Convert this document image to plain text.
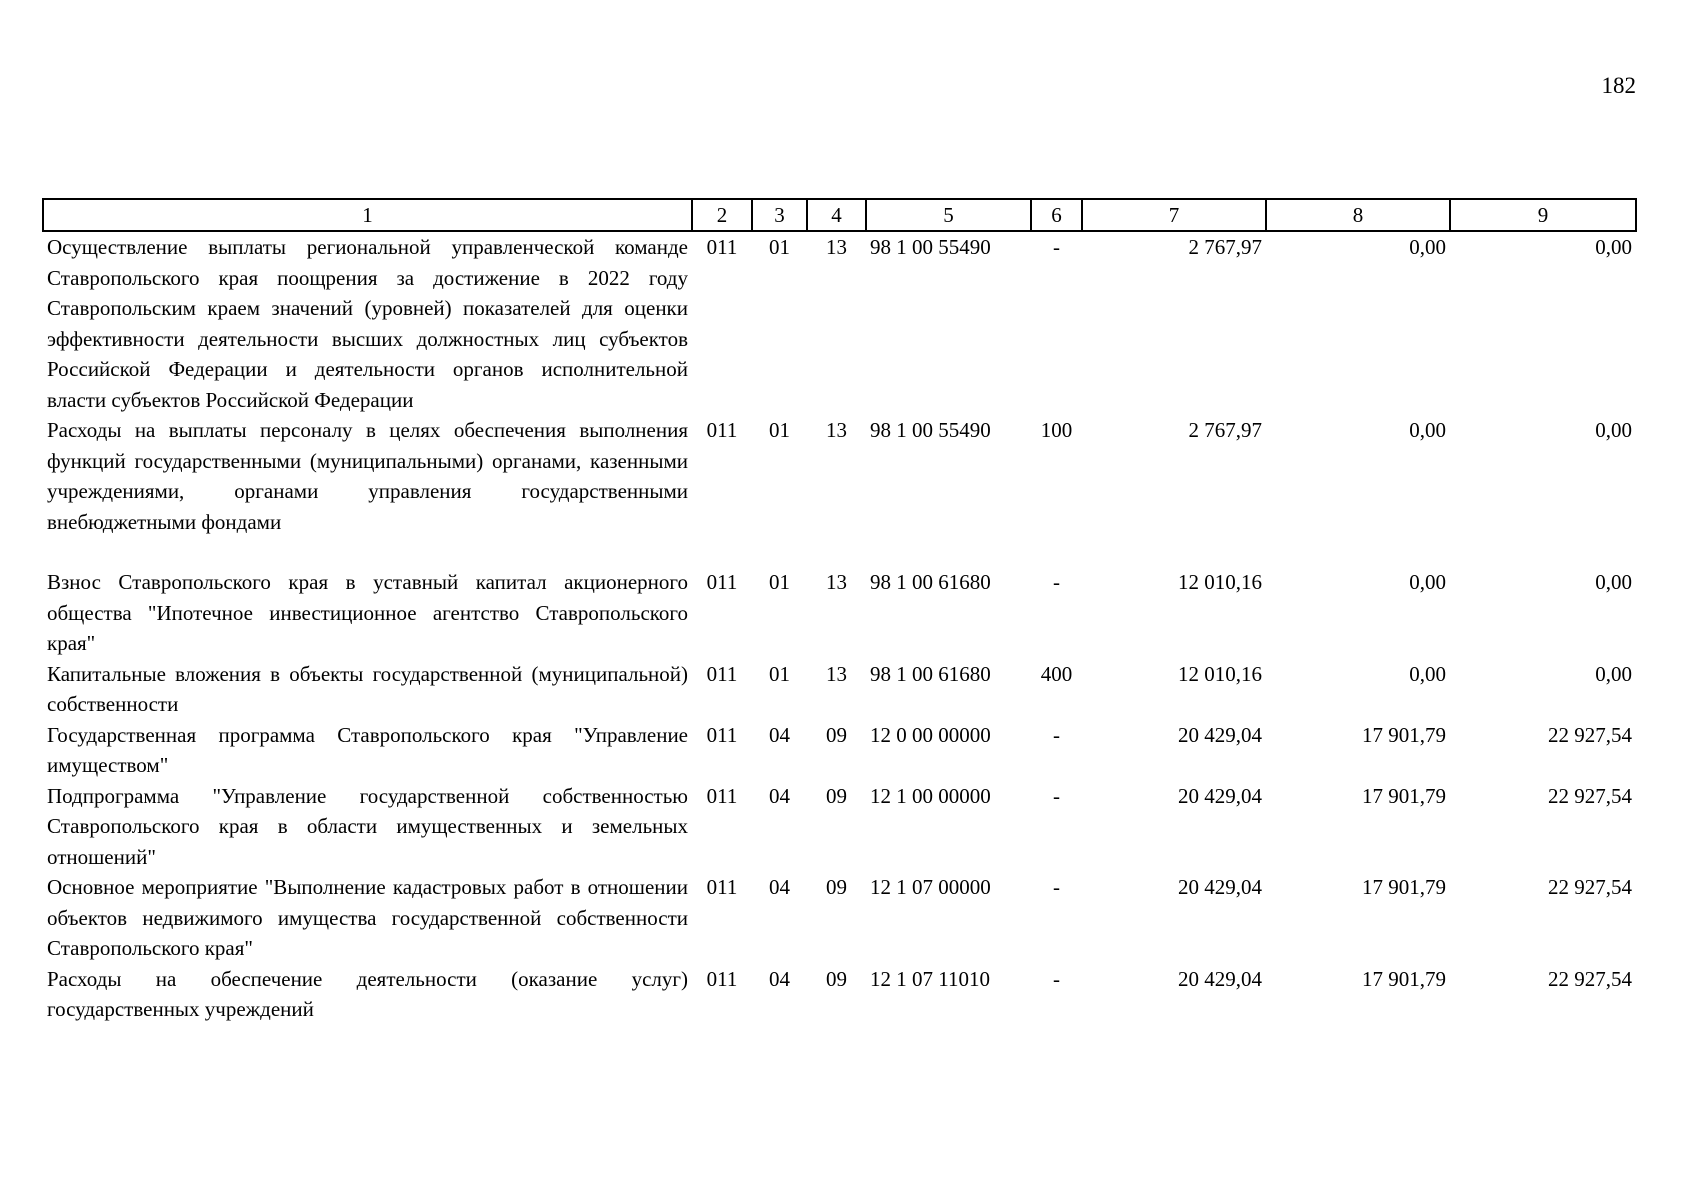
182
1	2	3	4	5	6	7	8	9
Осуществление выплаты региональной управленческой команде Ставропольского края поощрения за достижение в 2022 году Ставропольским краем значений (уровней) показателей для оценки эффективности деятельности высших должностных лиц субъектов Российской Федерации и деятельности органов исполнительной власти субъектов Российской Федерации	011	01	13	98 1 00 55490	-	2 767,97	0,00	0,00
Расходы на выплаты персоналу в целях обеспечения выполнения функций государственными (муниципальными) органами, казенными учреждениями, органами управления государственными внебюджетными фондами	011	01	13	98 1 00 55490	100	2 767,97	0,00	0,00
Взнос Ставропольского края в уставный капитал акционерного общества "Ипотечное инвестиционное агентство Ставропольского края"	011	01	13	98 1 00 61680	-	12 010,16	0,00	0,00
Капитальные вложения в объекты государственной (муниципальной) собственности	011	01	13	98 1 00 61680	400	12 010,16	0,00	0,00
Государственная программа Ставропольского края "Управление имуществом"	011	04	09	12 0 00 00000	-	20 429,04	17 901,79	22 927,54
Подпрограмма "Управление государственной собственностью Ставропольского края в области имущественных и земельных отношений"	011	04	09	12 1 00 00000	-	20 429,04	17 901,79	22 927,54
Основное мероприятие "Выполнение кадастровых работ в отношении объектов недвижимого имущества государственной собственности Ставропольского края"	011	04	09	12 1 07 00000	-	20 429,04	17 901,79	22 927,54
Расходы на обеспечение деятельности (оказание услуг) государственных учреждений	011	04	09	12 1 07 11010	-	20 429,04	17 901,79	22 927,54
